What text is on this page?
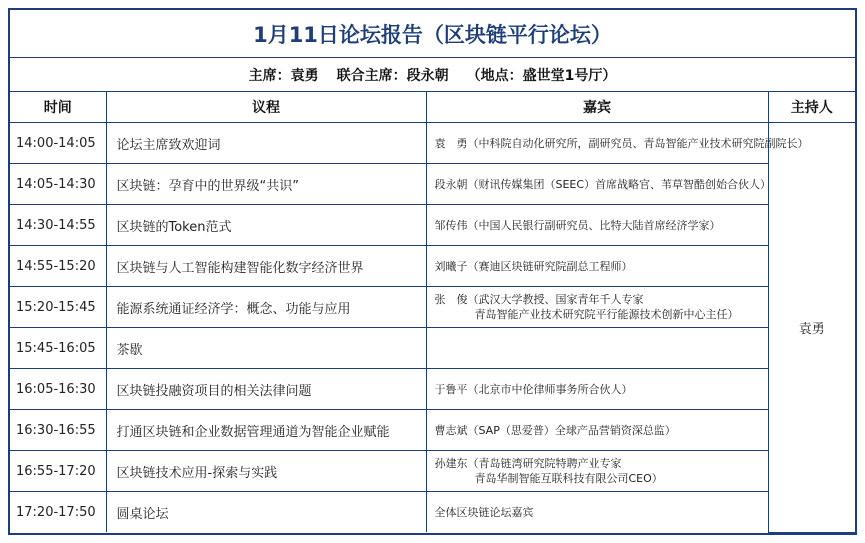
1月11日论坛报告（区块链平行论坛）
主席：袁勇 联合主席：段永朝 （地点：盛世堂1号厅）
时间	议程	嘉宾	主持人
14:00-14:05	论坛主席致欢迎词	袁　勇（中科院自动化研究所，副研究员、青岛智能产业技术研究院副院长）	袁勇
14:05-14:30	区块链：孕育中的世界级“共识”	段永朝（财讯传媒集团（SEEC）首席战略官、苇草智酷创始合伙人）	

14:30-14:55	区块链的Token范式	邹传伟（中国人民银行副研究员、比特大陆首席经济学家）	

14:55-15:20	区块链与人工智能构建智能化数字经济世界	刘曦子（赛迪区块链研究院副总工程师）	

15:20-15:45	能源系统通证经济学：概念、功能与应用	张　俊（武汉大学教授、国家青年千人专家
青岛智能产业技术研究院平行能源技术创新中心主任）	

15:45-16:05	茶歇		
16:05-16:30	区块链投融资项目的相关法律问题	于鲁平（北京市中伦律师事务所合伙人）	

16:30-16:55	打通区块链和企业数据管理通道为智能企业赋能	曹志斌（SAP（思爱普）全球产品营销资深总监）	

16:55-17:20	区块链技术应用-探索与实践	孙建东（青岛链湾研究院特聘产业专家
青岛华制智能互联科技有限公司CEO）	

17:20-17:50	圆桌论坛	全体区块链论坛嘉宾	
